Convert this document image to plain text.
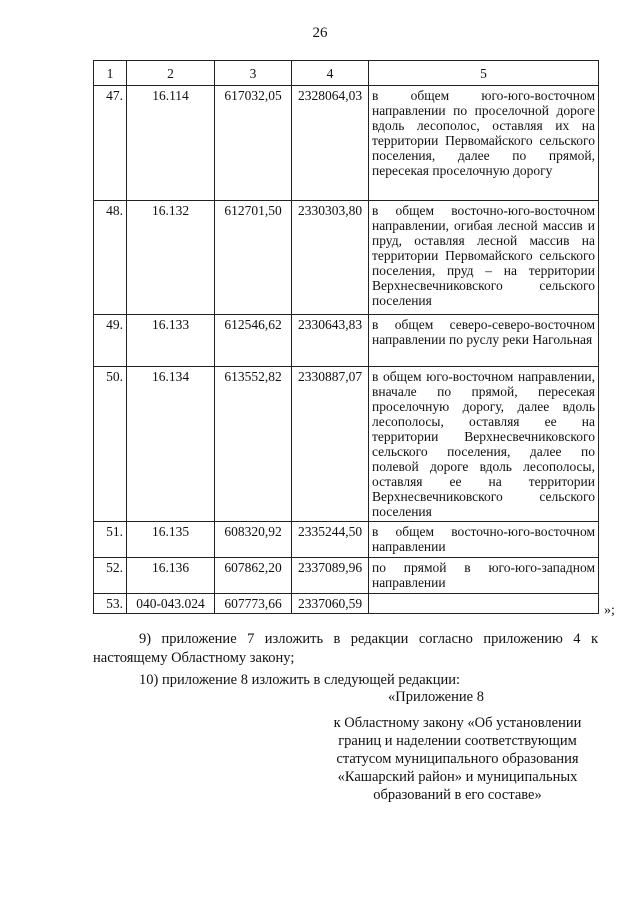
26
1	2	3	4	5
47.	16.114	617032,05	2328064,03	в общем юго-юго-восточном направлении по проселочной дороге вдоль лесополос, оставляя их на территории Первомайского сельского поселения, далее по прямой, пересекая проселочную дорогу
48.	16.132	612701,50	2330303,80	в общем восточно-юго-восточном направлении, огибая лесной массив и пруд, оставляя лесной массив на территории Первомайского сельского поселения, пруд – на территории Верхнесвечниковского сельского поселения
49.	16.133	612546,62	2330643,83	в общем северо-северо-восточном направлении по руслу реки Нагольная
50.	16.134	613552,82	2330887,07	в общем юго-восточном направлении, вначале по прямой, пересекая проселочную дорогу, далее вдоль лесополосы, оставляя ее на территории Верхнесвечниковского сельского поселения, далее по полевой дороге вдоль лесополосы, оставляя ее на территории Верхнесвечниковского сельского поселения
51.	16.135	608320,92	2335244,50	в общем восточно-юго-восточном направлении
52.	16.136	607862,20	2337089,96	по прямой в юго-юго-западном направлении
53.	040-043.024	607773,66	2337060,59		»;
9) приложение 7 изложить в редакции согласно приложению 4 к настоящему Областному закону;
10) приложение 8 изложить в следующей редакции:
«Приложение 8
к Областному закону «Об установлении
границ и наделении соответствующим
статусом муниципального образования
«Кашарский район» и муниципальных
образований в его составе»
